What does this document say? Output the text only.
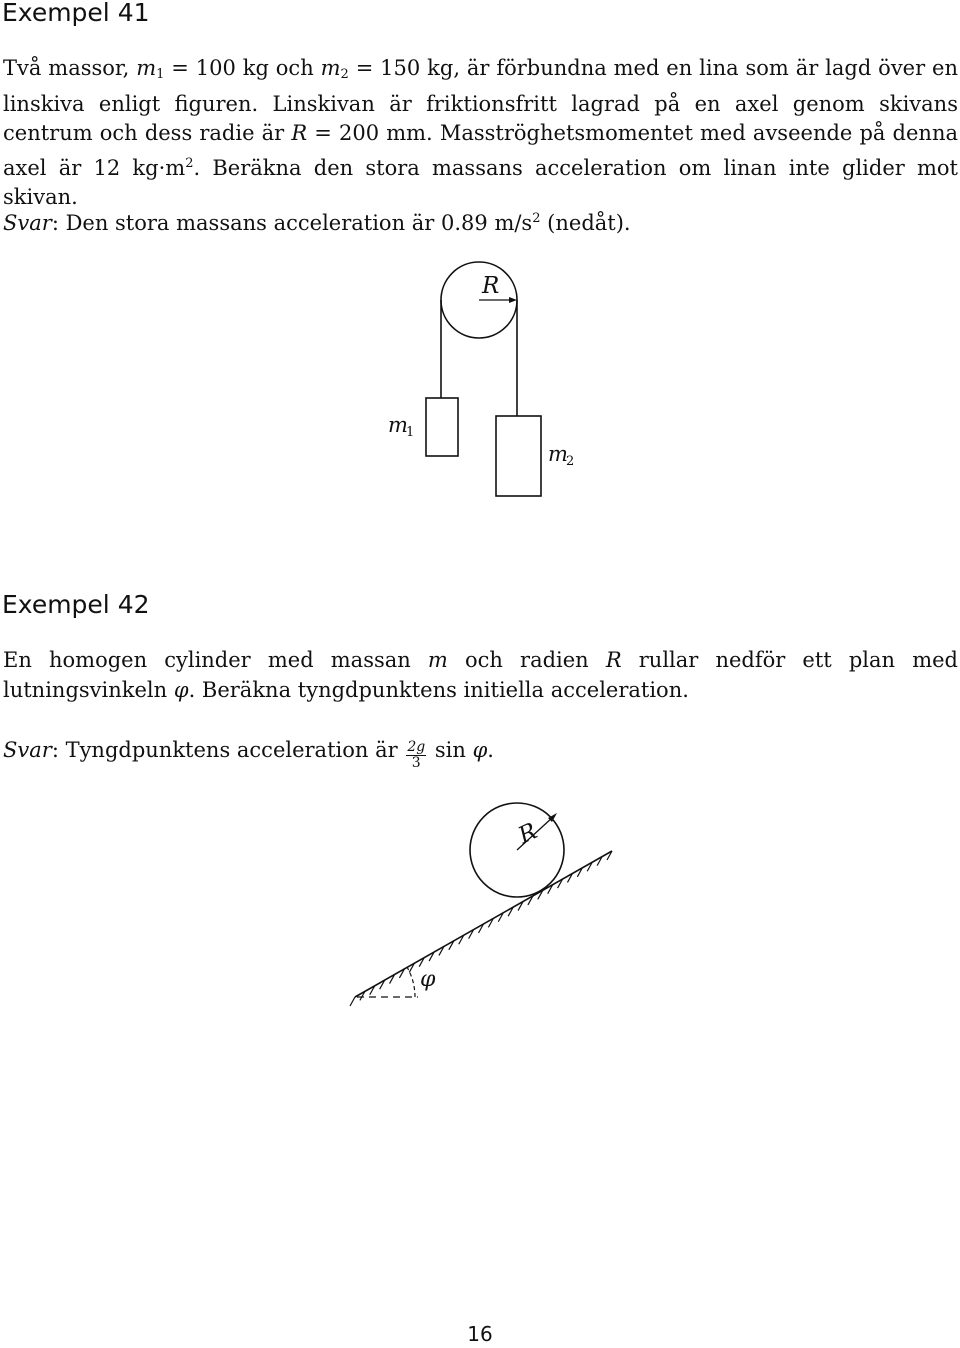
Exempel 41

Två massor, $m_1 = 100$ kg och $m_2 = 150$ kg, är förbundna med en lina som är lagd över en linskiva enligt figuren. Linskivan är friktionsfritt lagrad på en axel genom skivans centrum och dess radie är R = 200 mm. Masströghetsmomentet med avseende på denna axel är 12 $kg\cdot m^2$. Beräkna den stora massans acceleration om linan inte glider mot skivan.

Svar: Den stora massans acceleration är 0.89 $m/s^2$ (nedåt).

R
m
1
m
2
Exempel 42

En homogen cylinder med massan m och radien R rullar nedför ett plan med lutningsvinkeln φ. Beräkna tyngdpunktens initiella acceleration.

Svar: Tyngdpunktens acceleration är $\frac{2g}{3}$ sin φ.

φ
R

16
